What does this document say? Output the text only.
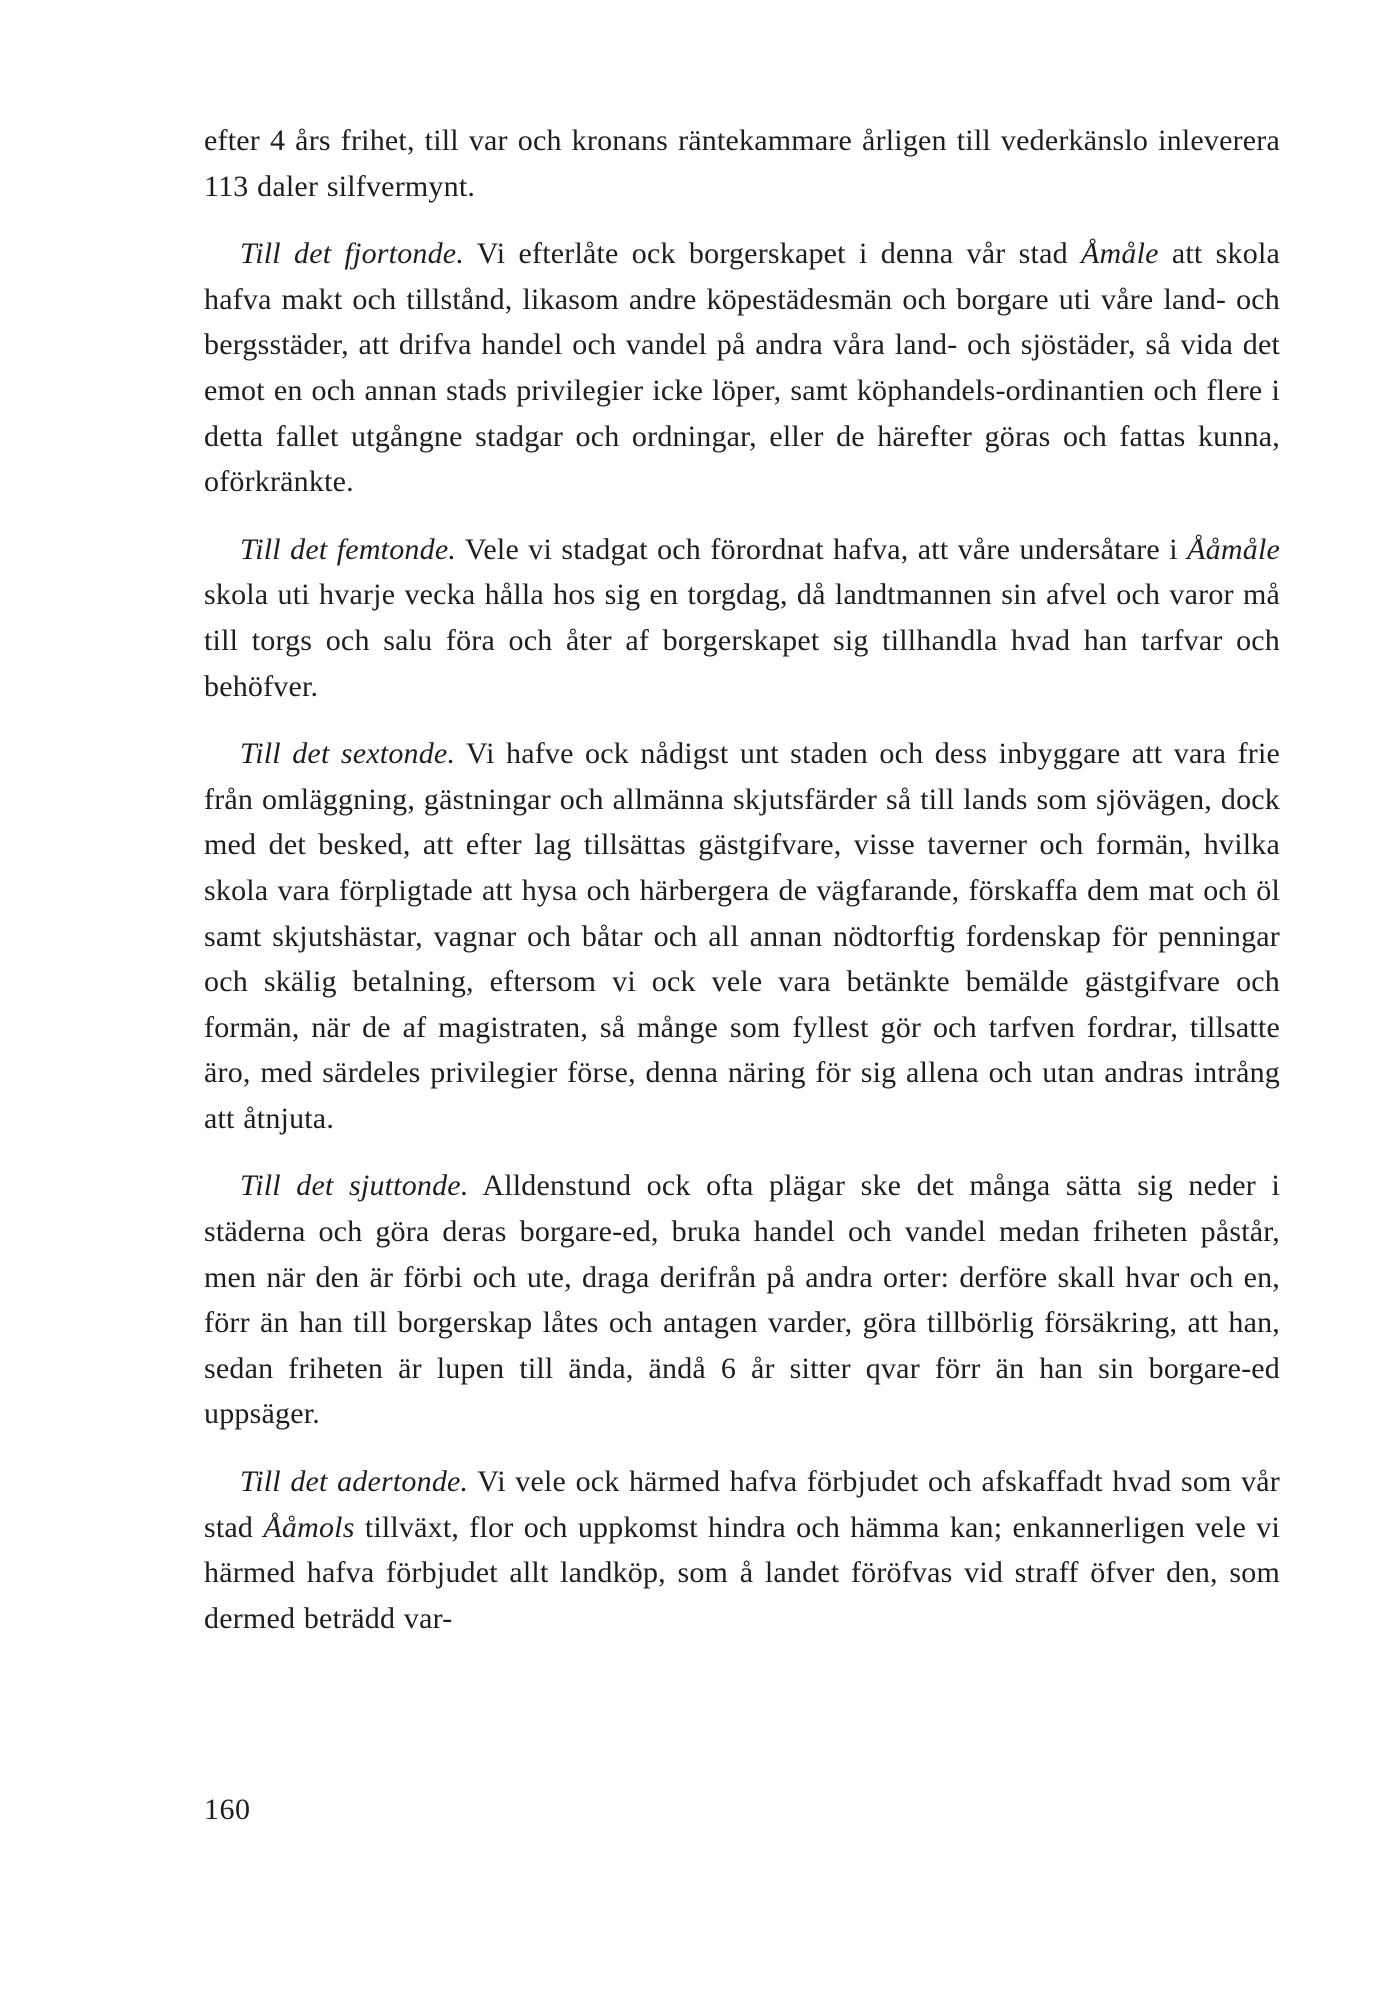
efter 4 års frihet, till var och kronans räntekammare årligen till vederkänslo inleverera 113 daler silfvermynt.

Till det fjortonde. Vi efterlåte ock borgerskapet i denna vår stad Åmåle att skola hafva makt och tillstånd, likasom andre köpestädesmän och borgare uti våre land- och bergsstäder, att drifva handel och vandel på andra våra land- och sjöstäder, så vida det emot en och annan stads privilegier icke löper, samt köphandels-ordinantien och flere i detta fallet utgångne stadgar och ordningar, eller de härefter göras och fattas kunna, oförkränkte.

Till det femtonde. Vele vi stadgat och förordnat hafva, att våre undersåtare i Ååmåle skola uti hvarje vecka hålla hos sig en torgdag, då landtmannen sin afvel och varor må till torgs och salu föra och åter af borgerskapet sig tillhandla hvad han tarfvar och behöfver.

Till det sextonde. Vi hafve ock nådigst unt staden och dess inbyggare att vara frie från omläggning, gästningar och allmänna skjutsfärder så till lands som sjövägen, dock med det besked, att efter lag tillsättas gästgifvare, visse taverner och formän, hvilka skola vara förpligtade att hysa och härbergera de vägfarande, förskaffa dem mat och öl samt skjutshästar, vagnar och båtar och all annan nödtorftig fordenskap för penningar och skälig betalning, eftersom vi ock vele vara betänkte bemälde gästgifvare och formän, när de af magistraten, så månge som fyllest gör och tarfven fordrar, tillsatte äro, med särdeles privilegier förse, denna näring för sig allena och utan andras intrång att åtnjuta.

Till det sjuttonde. Alldenstund ock ofta plägar ske det många sätta sig neder i städerna och göra deras borgare-ed, bruka handel och vandel medan friheten påstår, men när den är förbi och ute, draga derifrån på andra orter: derföre skall hvar och en, förr än han till borgerskap låtes och antagen varder, göra tillbörlig försäkring, att han, sedan friheten är lupen till ända, ändå 6 år sitter qvar förr än han sin borgare-ed uppsäger.

Till det adertonde. Vi vele ock härmed hafva förbjudet och afskaffadt hvad som vår stad Ååmols tillväxt, flor och uppkomst hindra och hämma kan; enkannerligen vele vi härmed hafva förbjudet allt landköp, som å landet föröfvas vid straff öfver den, som dermed beträdd var-

160
